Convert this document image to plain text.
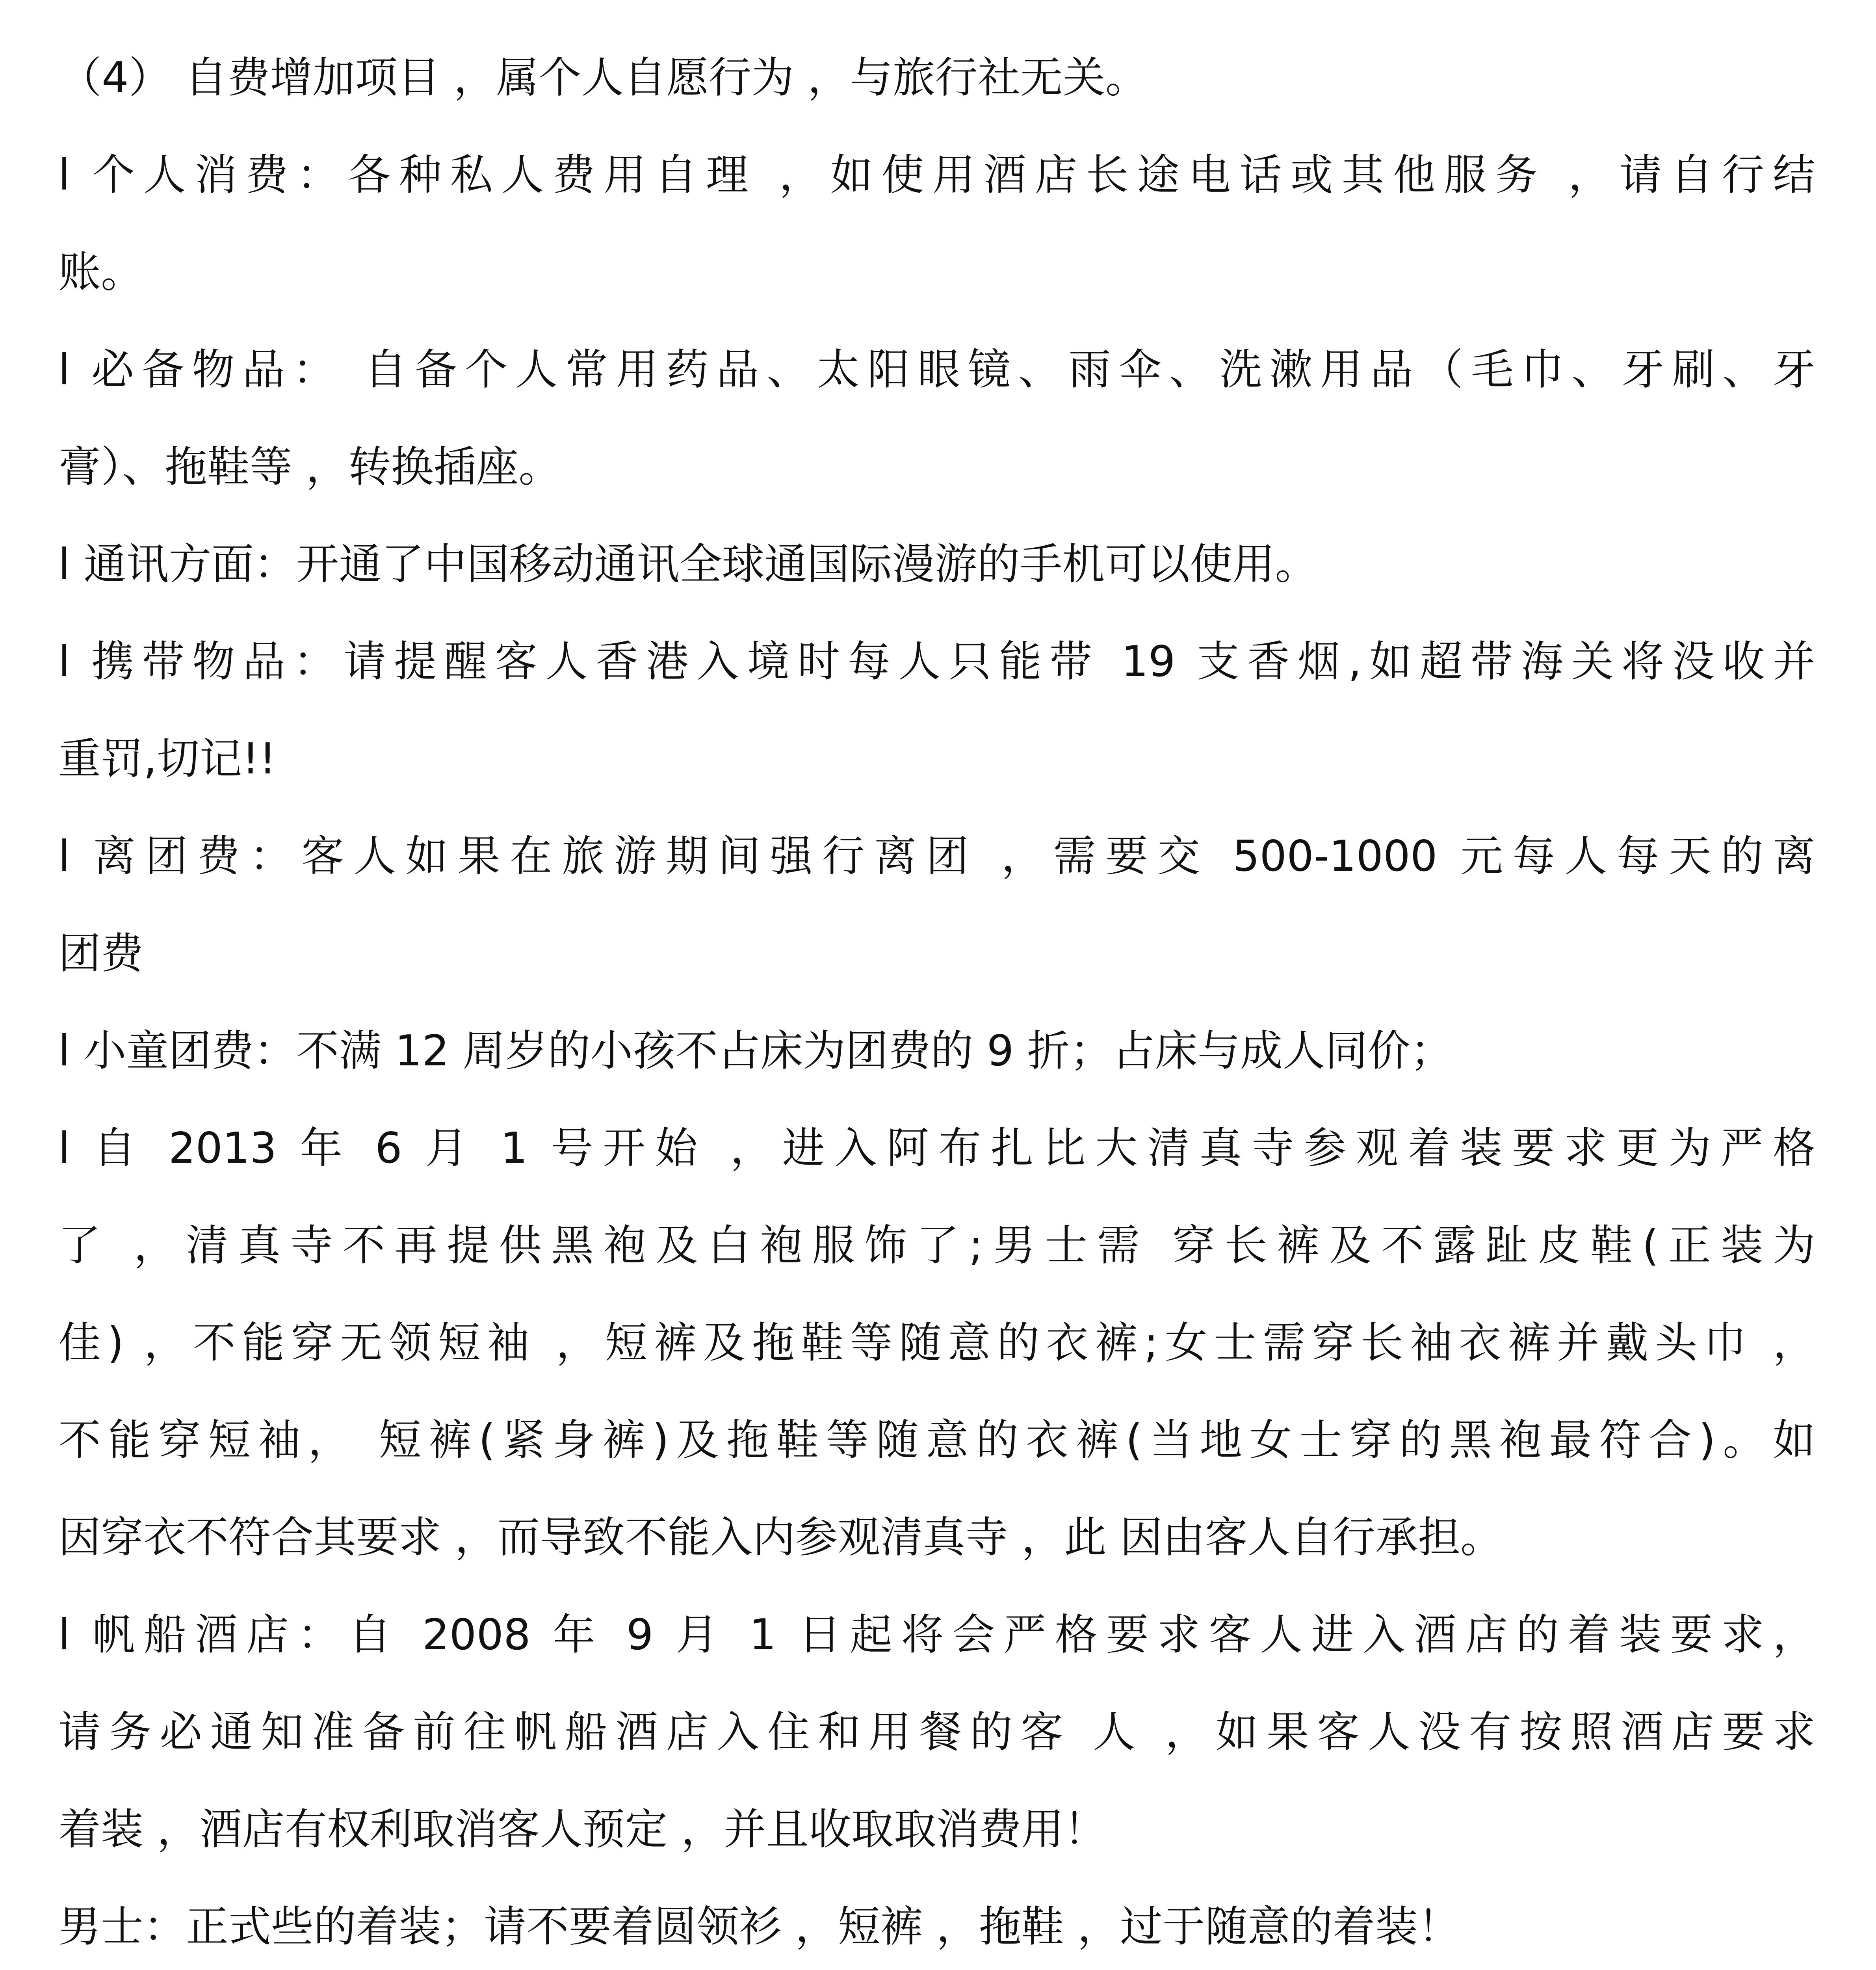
（4） 自费增加项目 ，属个人自愿行为 ，与旅行社无关。
l 个人消费：各种私人费用自理 ，如使用酒店长途电话或其他服务 ，请自行结
账。
l 必备物品： 自备个人常用药品、太阳眼镜、雨伞、洗漱用品（毛巾、牙刷、牙
膏）、拖鞋等 ，转换插座。
l 通讯方面：开通了中国移动通讯全球通国际漫游的手机可以使用。
l 携带物品：请提醒客人香港入境时每人只能带 19 支香烟,如超带海关将没收并
重罚,切记!!
l 离团费：客人如果在旅游期间强行离团 ，需要交 500-1000 元每人每天的离
团费
l 小童团费：不满 12 周岁的小孩不占床为团费的 9 折；占床与成人同价；
l 自 2013 年 6 月 1 号开始 ，进入阿布扎比大清真寺参观着装要求更为严格
了 ，清真寺不再提供黑袍及白袍服饰了;男士需 穿长裤及不露趾皮鞋(正装为
佳) ，不能穿无领短袖 ，短裤及拖鞋等随意的衣裤;女士需穿长袖衣裤并戴头巾 ，
不能穿短袖， 短裤(紧身裤)及拖鞋等随意的衣裤(当地女士穿的黑袍最符合)。如
因穿衣不符合其要求 ，而导致不能入内参观清真寺 ，此 因由客人自行承担。
l 帆船酒店：自 2008 年 9 月 1 日起将会严格要求客人进入酒店的着装要求，
请务必通知准备前往帆船酒店入住和用餐的客 人 ，如果客人没有按照酒店要求
着装 ，酒店有权利取消客人预定 ，并且收取取消费用！
男士：正式些的着装；请不要着圆领衫 ，短裤 ，拖鞋 ，过于随意的着装！
